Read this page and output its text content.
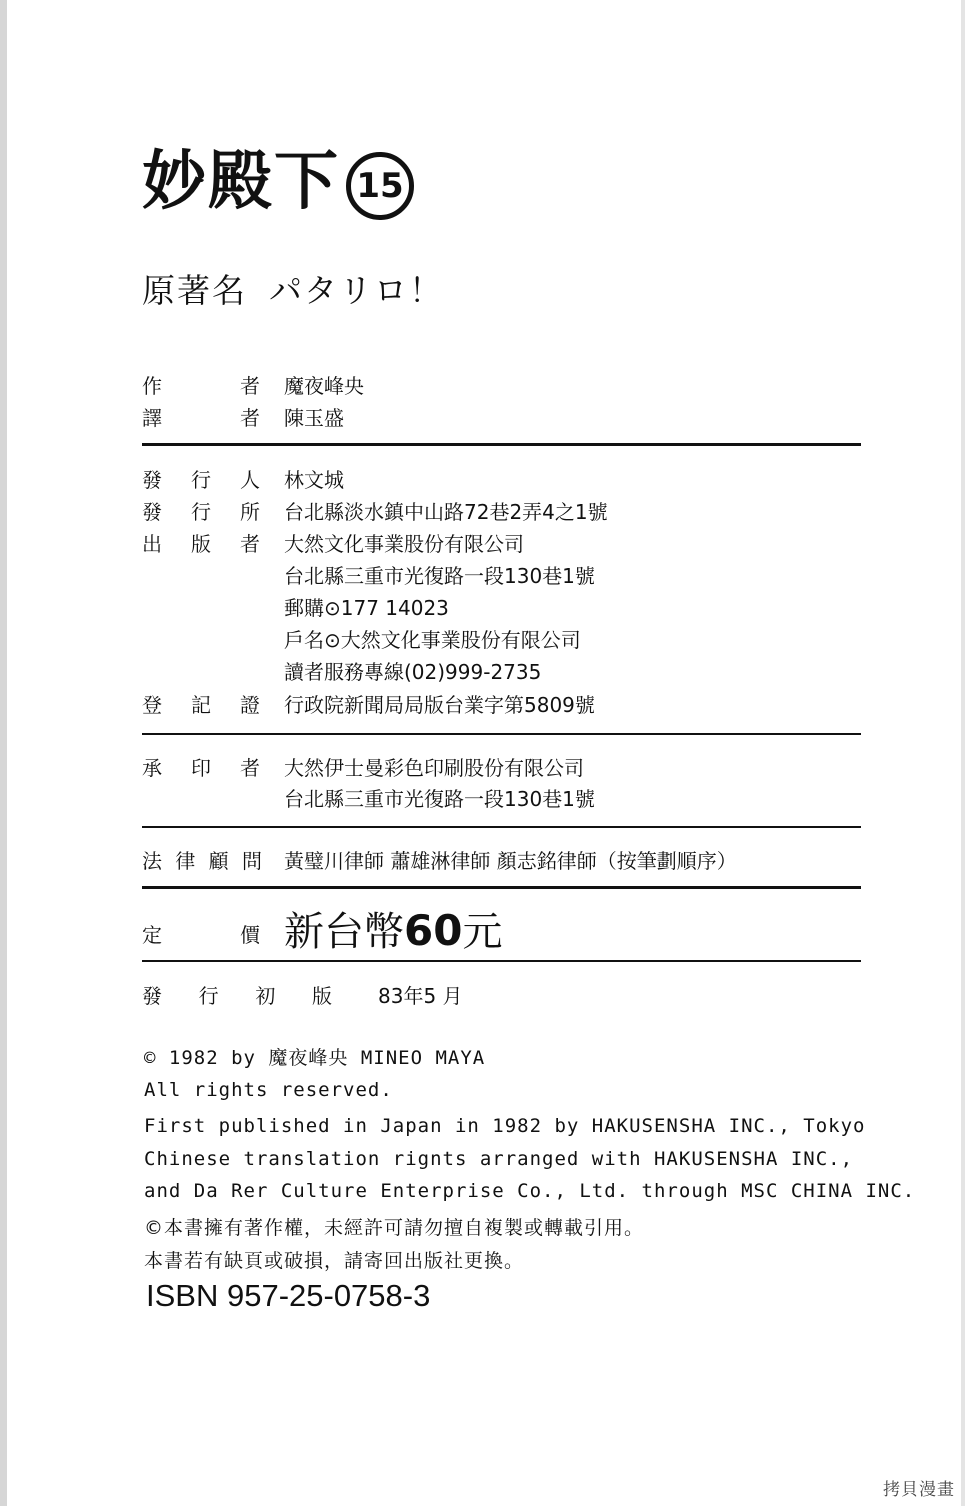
妙殿下 15
原著名 パタリロ！
作	者 魔夜峰央
譯	者 陳玉盛
發 行 人 林文城
發 行 所 台北縣淡水鎮中山路72巷2弄4之1號
出 版 者 大然文化事業股份有限公司
台北縣三重市光復路一段130巷1號
郵購⊙177 14023
戶名⊙大然文化事業股份有限公司
讀者服務專線(02)999-2735
登 記 證 行政院新聞局局版台業字第5809號
承 印 者 大然伊士曼彩色印刷股份有限公司
台北縣三重市光復路一段130巷1號
法 律 顧 問 黃璧川律師 蕭雄淋律師 顏志銘律師（按筆劃順序）
定	價 新台幣60元
發 行 初 版 83年5 月
© 1982 by 魔夜峰央 MINEO MAYA
All rights reserved.
First published in Japan in 1982 by HAKUSENSHA INC., Tokyo
Chinese translation rignts arranged with HAKUSENSHA INC.,
and Da Rer Culture Enterprise Co., Ltd. through MSC CHINA INC.
©本書擁有著作權，未經許可請勿擅自複製或轉載引用。
本書若有缺頁或破損，請寄回出版社更換。
ISBN 957-25-0758-3
拷貝漫畫
